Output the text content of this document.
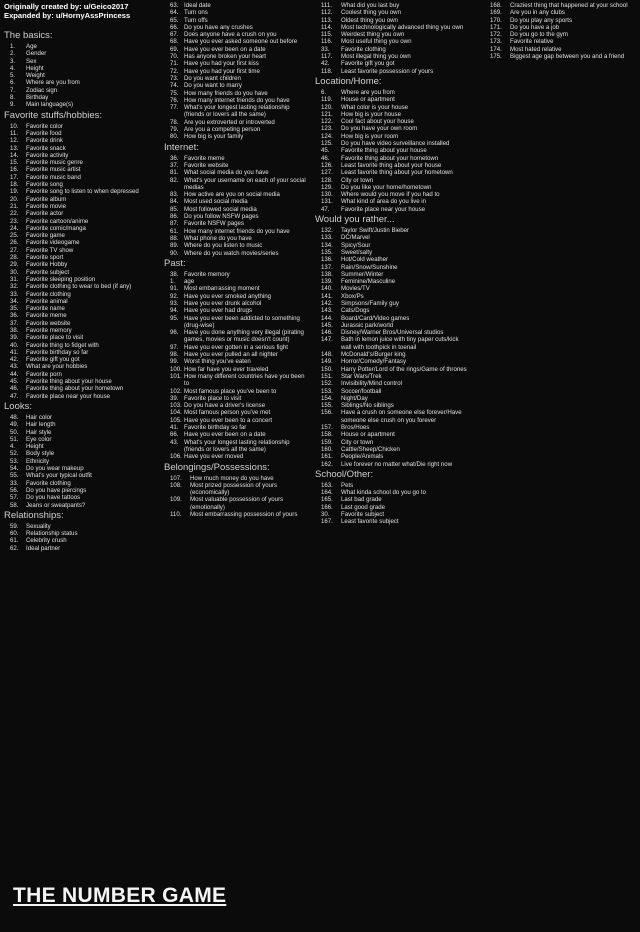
Originally created by: u/Geico2017
Expanded by: u/HornyAssPrincess
The basics:
1. Age
2. Gender
3. Sex
4. Height
5. Weight
6. Where are you from
7. Zodiac sign
8. Birthday
9. Main language(s)
Favorite stuffs/hobbies:
10. Favorite color
11. Favorite food
12. Favorite drink
13. Favorite snack
14. Favorite activity
15. Favorite music genre
16. Favorite music artist
17. Favorite music band
18. Favorite song
19. Favorite song to listen to when depressed
20. Favorite album
21. Favorite movie
22. Favorite actor
23. Favorite cartoon/anime
24. Favorite comic/manga
25. Favorite game
26. Favorite videogame
27. Favorite TV show
28. Favorite sport
29. Favorite Hobby
30. Favorite subject
31. Favorite sleeping position
32. Favorite clothing to wear to bed (if any)
33. Favorite clothing
34. Favorite animal
35. Favorite name
36. Favorite meme
37. Favorite website
38. Favorite memory
39. Favorite place to visit
40. Favorite thing to fidget with
41. Favorite birthday so far
42. Favorite gift you got
43. What are your hobbies
44. Favorite porn
45. Favorite thing about your house
46. Favorite thing about your hometown
47. Favorite place near your house
Looks:
48. Hair color
49. Hair length
50. Hair style
51. Eye color
4. Height
52. Body style
53. Ethnicity
54. Do you wear makeup
55. What's your typical outfit
33. Favorite clothing
56. Do you have piercings
57. Do you have tattoos
58. Jeans or sweatpants?
Relationships:
59. Sexuality
60. Relationship status
61. Celebrity crush
62. Ideal partner
63. Ideal date
64. Turn ons
65. Turn offs
66. Do you have any crushes
67. Does anyone have a crush on you
68. Have you ever asked someone out before
69. Have you ever been on a date
70. Has anyone broken your heart
71. Have you had your first kiss
72. Have you had your first time
73. Do you want children
74. Do you want to marry
75. How many friends do you have
76. How many internet friends do you have
77. What's your longest lasting relationship (friends or lovers all the same)
78. Are you extroverted or introverted
79. Are you a competing person
80. How big is your family
Internet:
36. Favorite meme
37. Favorite website
81. What social media do you have
82. What's your username on each of your social medias
83. How active are you on social media
84. Most used social media
85. Most followed social media
86. Do you follow NSFW pages
87. Favorite NSFW pages
61. How many internet friends do you have
88. What phone do you have
89. Where do you listen to music
90. Where do you watch movies/series
Past:
38. Favorite memory
1. age
91. Most embarrassing moment
92. Have you ever smoked anything
93. Have you ever drunk alcohol
94. Have you ever had drugs
95. Have you ever been addicted to something (drug-wise)
96. Have you done anything very illegal (pirating games, movies or music doesn't count)
97. Have you ever gotten in a serious fight
98. Have you ever pulled an all nighter
99. Worst thing you've eaten
100. How far have you ever traveled
101. How many different countries have you been to
102. Most famous place you've been to
39. Favorite place to visit
103. Do you have a driver's license
104. Most famous person you've met
105. Have you ever been to a concert
41. Favorite birthday so far
66. Have you ever been on a date
43. What's your longest lasting relationship (friends or lovers all the same)
106. Have you ever moved
Belongings/Possessions:
107. How much money do you have
108. Most prized possession of yours (economically)
109. Most valuable possession of yours (emotionally)
110. Most embarrassing possession of yours
111. What did you last buy
112. Coolest thing you own
113. Oldest thing you own
114. Most technologically advanced thing you own
115. Weirdest thing you own
116. Most useful thing you own
33. Favorite clothing
117. Most illegal thing you own
42. Favorite gift you got
118. Least favorite possession of yours
Location/Home:
6. Where are you from
119. House or apartment
120. What color is your house
121. How big is your house
122. Cool fact about your house
123. Do you have your own room
124. How big is your room
125. Do you have video surveillance installed
45. Favorite thing about your house
46. Favorite thing about your hometown
126. Least favorite thing about your house
127. Least favorite thing about your hometown
128. City or town
129. Do you like your home/hometown
130. Where would you move if you had to
131. What kind of area do you live in
47. Favorite place near your house
Would you rather...
132. Taylor Swift/Justin Bieber
133. DC/Marvel
134. Spicy/Sour
135. Sweet/salty
136. Hot/Cold weather
137. Rain/Snow/Sunshine
138. Summer/Winter
139. Feminine/Masculine
140. Movies/TV
141. Xbox/Ps
142. Simpsons/Family guy
143. Cats/Dogs
144. Board/Card/Video games
145. Jurassic park/world
146. Disney/Warner Bros/Universal studios
147. Bath in lemon juice with tiny paper cuts/kick wall with toothpick in toenail
148. McDonald's/Burger king
149. Horror/Comedy/Fantasy
150. Harry Potter/Lord of the rings/Game of thrones
151. Star Wars/Trek
152. Invisibility/Mind control
153. Soccer/football
154. Night/Day
155. Siblings/No siblings
156. Have a crush on someone else forever/Have someone else crush on you forever
157. Bros/Hoes
158. House or apartment
159. City or town
160. Cattle/Sheep/Chicken
161. People/Animals
162. Live forever no matter what/Die right now
School/Other:
163. Pets
164. What kinda school do you go to
165. Last bad grade
166. Last good grade
30. Favorite subject
167. Least favorite subject
168. Craziest thing that happened at your school
169. Are you in any clubs
170. Do you play any sports
171. Do you have a job
172. Do you go to the gym
173. Favorite relative
174. Most hated relative
175. Biggest age gap between you and a friend
THE NUMBER GAME
